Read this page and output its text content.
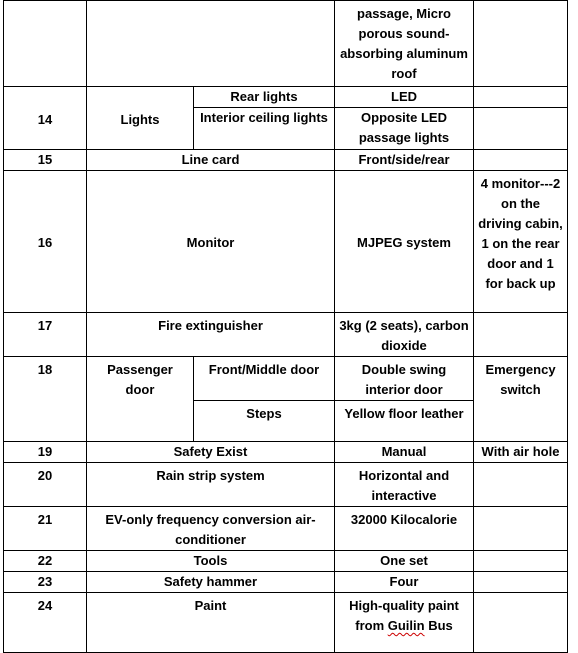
			passage, Micro porous sound-absorbing aluminum roof	
14	Lights	Rear lights	LED	
		Interior ceiling lights	Opposite LED passage lights	
15	Line card		Front/side/rear	
16	Monitor		MJPEG system	4 monitor---2 on the driving cabin, 1 on the rear door and 1 for back up
17	Fire extinguisher		3kg (2 seats), carbon dioxide	
18	Passenger door	Front/Middle door	Double swing interior door	Emergency switch
		Steps	Yellow floor leather	
19	Safety Exist		Manual	With air hole
20	Rain strip system		Horizontal and interactive	
21	EV-only frequency conversion air-conditioner		32000 Kilocalorie	
22	Tools		One set	
23	Safety hammer		Four	
24	Paint		High-quality paint from Guilin Bus	
